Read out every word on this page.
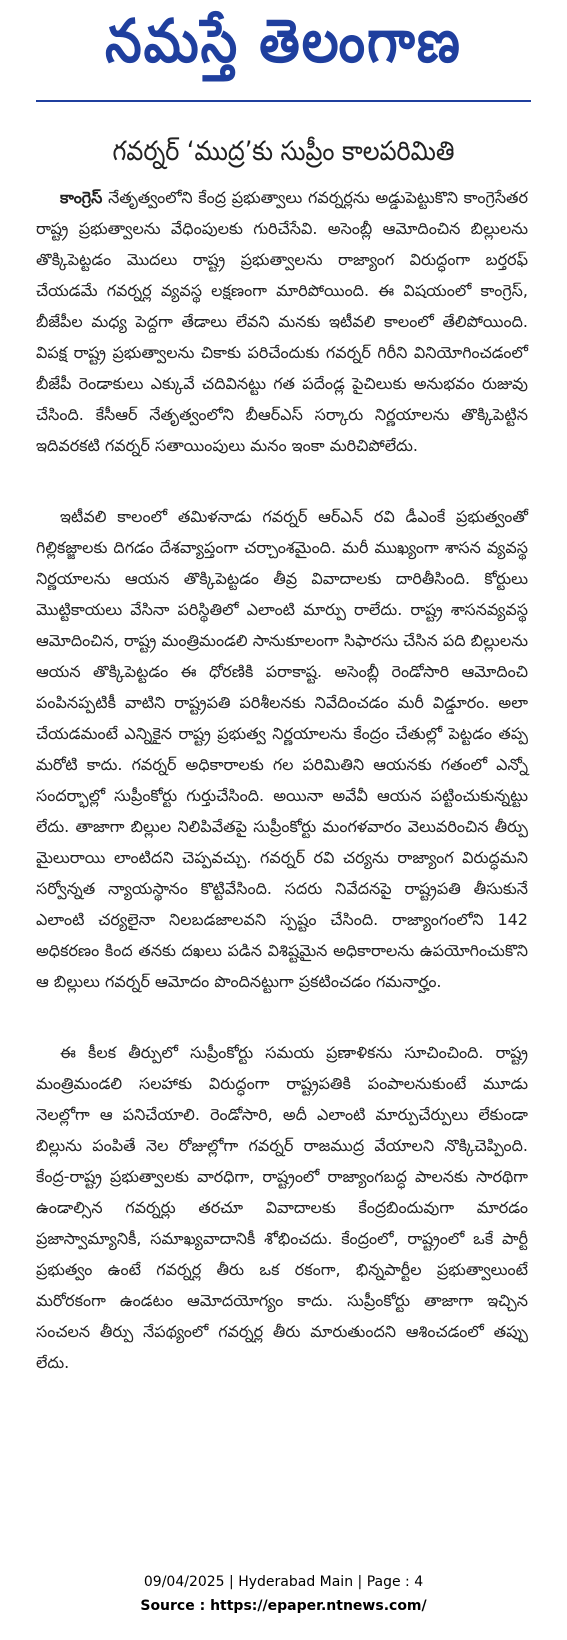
నమస్తే తెలంగాణ
గవర్నర్ ‘ముద్ర’కు సుప్రీం కాలపరిమితి

కాంగ్రెస్ నేతృత్వంలోని కేంద్ర ప్రభుత్వాలు గవర్నర్లను అడ్డుపెట్టుకొని కాంగ్రెసేతర రాష్ట్ర ప్రభుత్వాలను వేధింపులకు గురిచేసేవి. అసెంబ్లీ ఆమోదించిన బిల్లులను తొక్కిపెట్టడం మొదలు రాష్ట్ర ప్రభుత్వాలను రాజ్యాంగ విరుద్ధంగా బర్తరఫ్ చేయడమే గవర్నర్ల వ్యవస్థ లక్షణంగా మారిపోయింది. ఈ విషయంలో కాంగ్రెస్, బీజేపీల మధ్య పెద్దగా తేడాలు లేవని మనకు ఇటీవలి కాలంలో తేలిపోయింది. విపక్ష రాష్ట్ర ప్రభుత్వాలను చికాకు పరిచేందుకు గవర్నర్ గిరీని వినియోగించడంలో బీజేపీ రెండాకులు ఎక్కువే చదివినట్టు గత పదేండ్ల పైచిలుకు అనుభవం రుజువు చేసింది. కేసీఆర్ నేతృత్వంలోని బీఆర్ఎస్ సర్కారు నిర్ణయాలను తొక్కిపెట్టిన ఇదివరకటి గవర్నర్ సతాయింపులు మనం ఇంకా మరిచిపోలేదు.

ఇటీవలి కాలంలో తమిళనాడు గవర్నర్ ఆర్ఎన్ రవి డీఎంకే ప్రభుత్వంతో గిల్లికజ్జాలకు దిగడం దేశవ్యాప్తంగా చర్చాంశమైంది. మరీ ముఖ్యంగా శాసన వ్యవస్థ నిర్ణయాలను ఆయన తొక్కిపెట్టడం తీవ్ర వివాదాలకు దారితీసింది. కోర్టులు మొట్టికాయలు వేసినా పరిస్థితిలో ఎలాంటి మార్పు రాలేదు. రాష్ట్ర శాసనవ్యవస్థ ఆమోదించిన, రాష్ట్ర మంత్రిమండలి సానుకూలంగా సిఫారసు చేసిన పది బిల్లులను ఆయన తొక్కిపెట్టడం ఈ ధోరణికి పరాకాష్ట. అసెంబ్లీ రెండోసారి ఆమోదించి పంపినప్పటికీ వాటిని రాష్ట్రపతి పరిశీలనకు నివేదించడం మరీ విడ్డూరం. అలా చేయడమంటే ఎన్నికైన రాష్ట్ర ప్రభుత్వ నిర్ణయాలను కేంద్రం చేతుల్లో పెట్టడం తప్ప మరోటి కాదు. గవర్నర్ అధికారాలకు గల పరిమితిని ఆయనకు గతంలో ఎన్నో సందర్భాల్లో సుప్రీంకోర్టు గుర్తుచేసింది. అయినా అవేవీ ఆయన పట్టించుకున్నట్టు లేదు. తాజాగా బిల్లుల నిలిపివేతపై సుప్రీంకోర్టు మంగళవారం వెలువరించిన తీర్పు మైలురాయి లాంటిదని చెప్పవచ్చు. గవర్నర్ రవి చర్యను రాజ్యాంగ విరుద్ధమని సర్వోన్నత న్యాయస్థానం కొట్టివేసింది. సదరు నివేదనపై రాష్ట్రపతి తీసుకునే ఎలాంటి చర్యలైనా నిలబడజాలవని స్పష్టం చేసింది. రాజ్యాంగంలోని 142 అధికరణం కింద తనకు దఖలు పడిన విశిష్టమైన అధికారాలను ఉపయోగించుకొని ఆ బిల్లులు గవర్నర్ ఆమోదం పొందినట్టుగా ప్రకటించడం గమనార్హం.

ఈ కీలక తీర్పులో సుప్రీంకోర్టు సమయ ప్రణాళికను సూచించింది. రాష్ట్ర మంత్రిమండలి సలహాకు విరుద్ధంగా రాష్ట్రపతికి పంపాలనుకుంటే మూడు నెలల్లోగా ఆ పనిచేయాలి. రెండోసారి, అదీ ఎలాంటి మార్పుచేర్పులు లేకుండా బిల్లును పంపితే నెల రోజుల్లోగా గవర్నర్ రాజముద్ర వేయాలని నొక్కిచెప్పింది. కేంద్ర-రాష్ట్ర ప్రభుత్వాలకు వారధిగా, రాష్ట్రంలో రాజ్యాంగబద్ధ పాలనకు సారథిగా ఉండాల్సిన గవర్నర్లు తరచూ వివాదాలకు కేంద్రబిందువుగా మారడం ప్రజాస్వామ్యానికీ, సమాఖ్యవాదానికీ శోభించదు. కేంద్రంలో, రాష్ట్రంలో ఒకే పార్టీ ప్రభుత్వం ఉంటే గవర్నర్ల తీరు ఒక రకంగా, భిన్నపార్టీల ప్రభుత్వాలుంటే మరోరకంగా ఉండటం ఆమోదయోగ్యం కాదు. సుప్రీంకోర్టు తాజాగా ఇచ్చిన సంచలన తీర్పు నేపథ్యంలో గవర్నర్ల తీరు మారుతుందని ఆశించడంలో తప్పు లేదు.

09/04/2025 | Hyderabad Main | Page : 4
Source : https://epaper.ntnews.com/
